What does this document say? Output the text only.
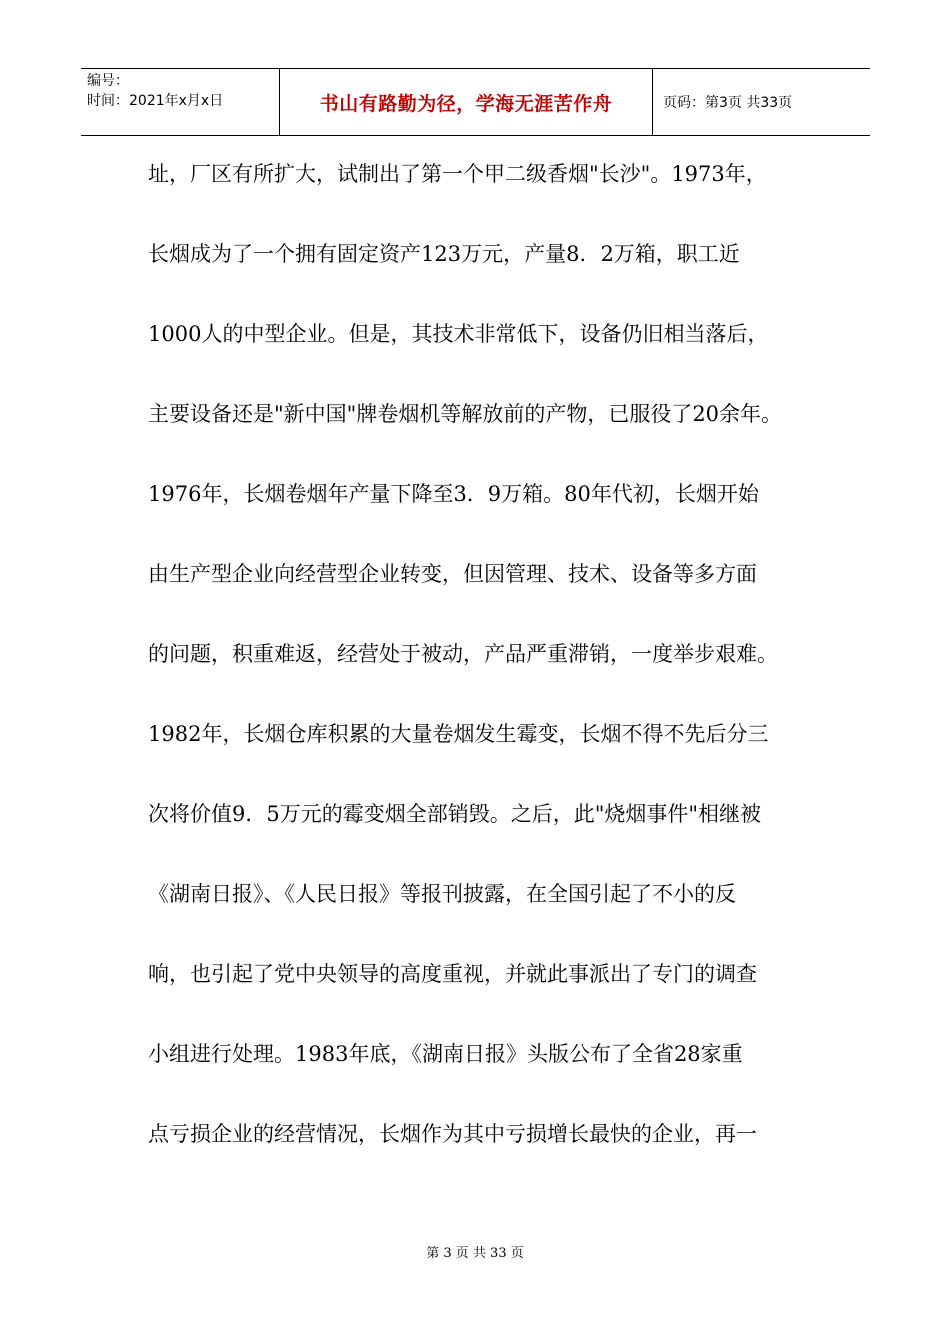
编号：
时间：2021年x月x日	书山有路勤为径，学海无涯苦作舟	页码：第3页 共33页
址，厂区有所扩大，试制出了第一个甲二级香烟"长沙"。1973年，
长烟成为了一个拥有固定资产123万元，产量8．2万箱，职工近
1000人的中型企业。但是，其技术非常低下，设备仍旧相当落后，
主要设备还是"新中国"牌卷烟机等解放前的产物，已服役了20余年。
1976年，长烟卷烟年产量下降至3．9万箱。80年代初，长烟开始
由生产型企业向经营型企业转变，但因管理、技术、设备等多方面
的问题，积重难返，经营处于被动，产品严重滞销，一度举步艰难。
1982年，长烟仓库积累的大量卷烟发生霉变，长烟不得不先后分三
次将价值9．5万元的霉变烟全部销毁。之后，此"烧烟事件"相继被
《湖南日报》、《人民日报》等报刊披露，在全国引起了不小的反
响，也引起了党中央领导的高度重视，并就此事派出了专门的调查
小组进行处理。1983年底，《湖南日报》头版公布了全省28家重
点亏损企业的经营情况，长烟作为其中亏损增长最快的企业，再一
第 3 页 共 33 页
